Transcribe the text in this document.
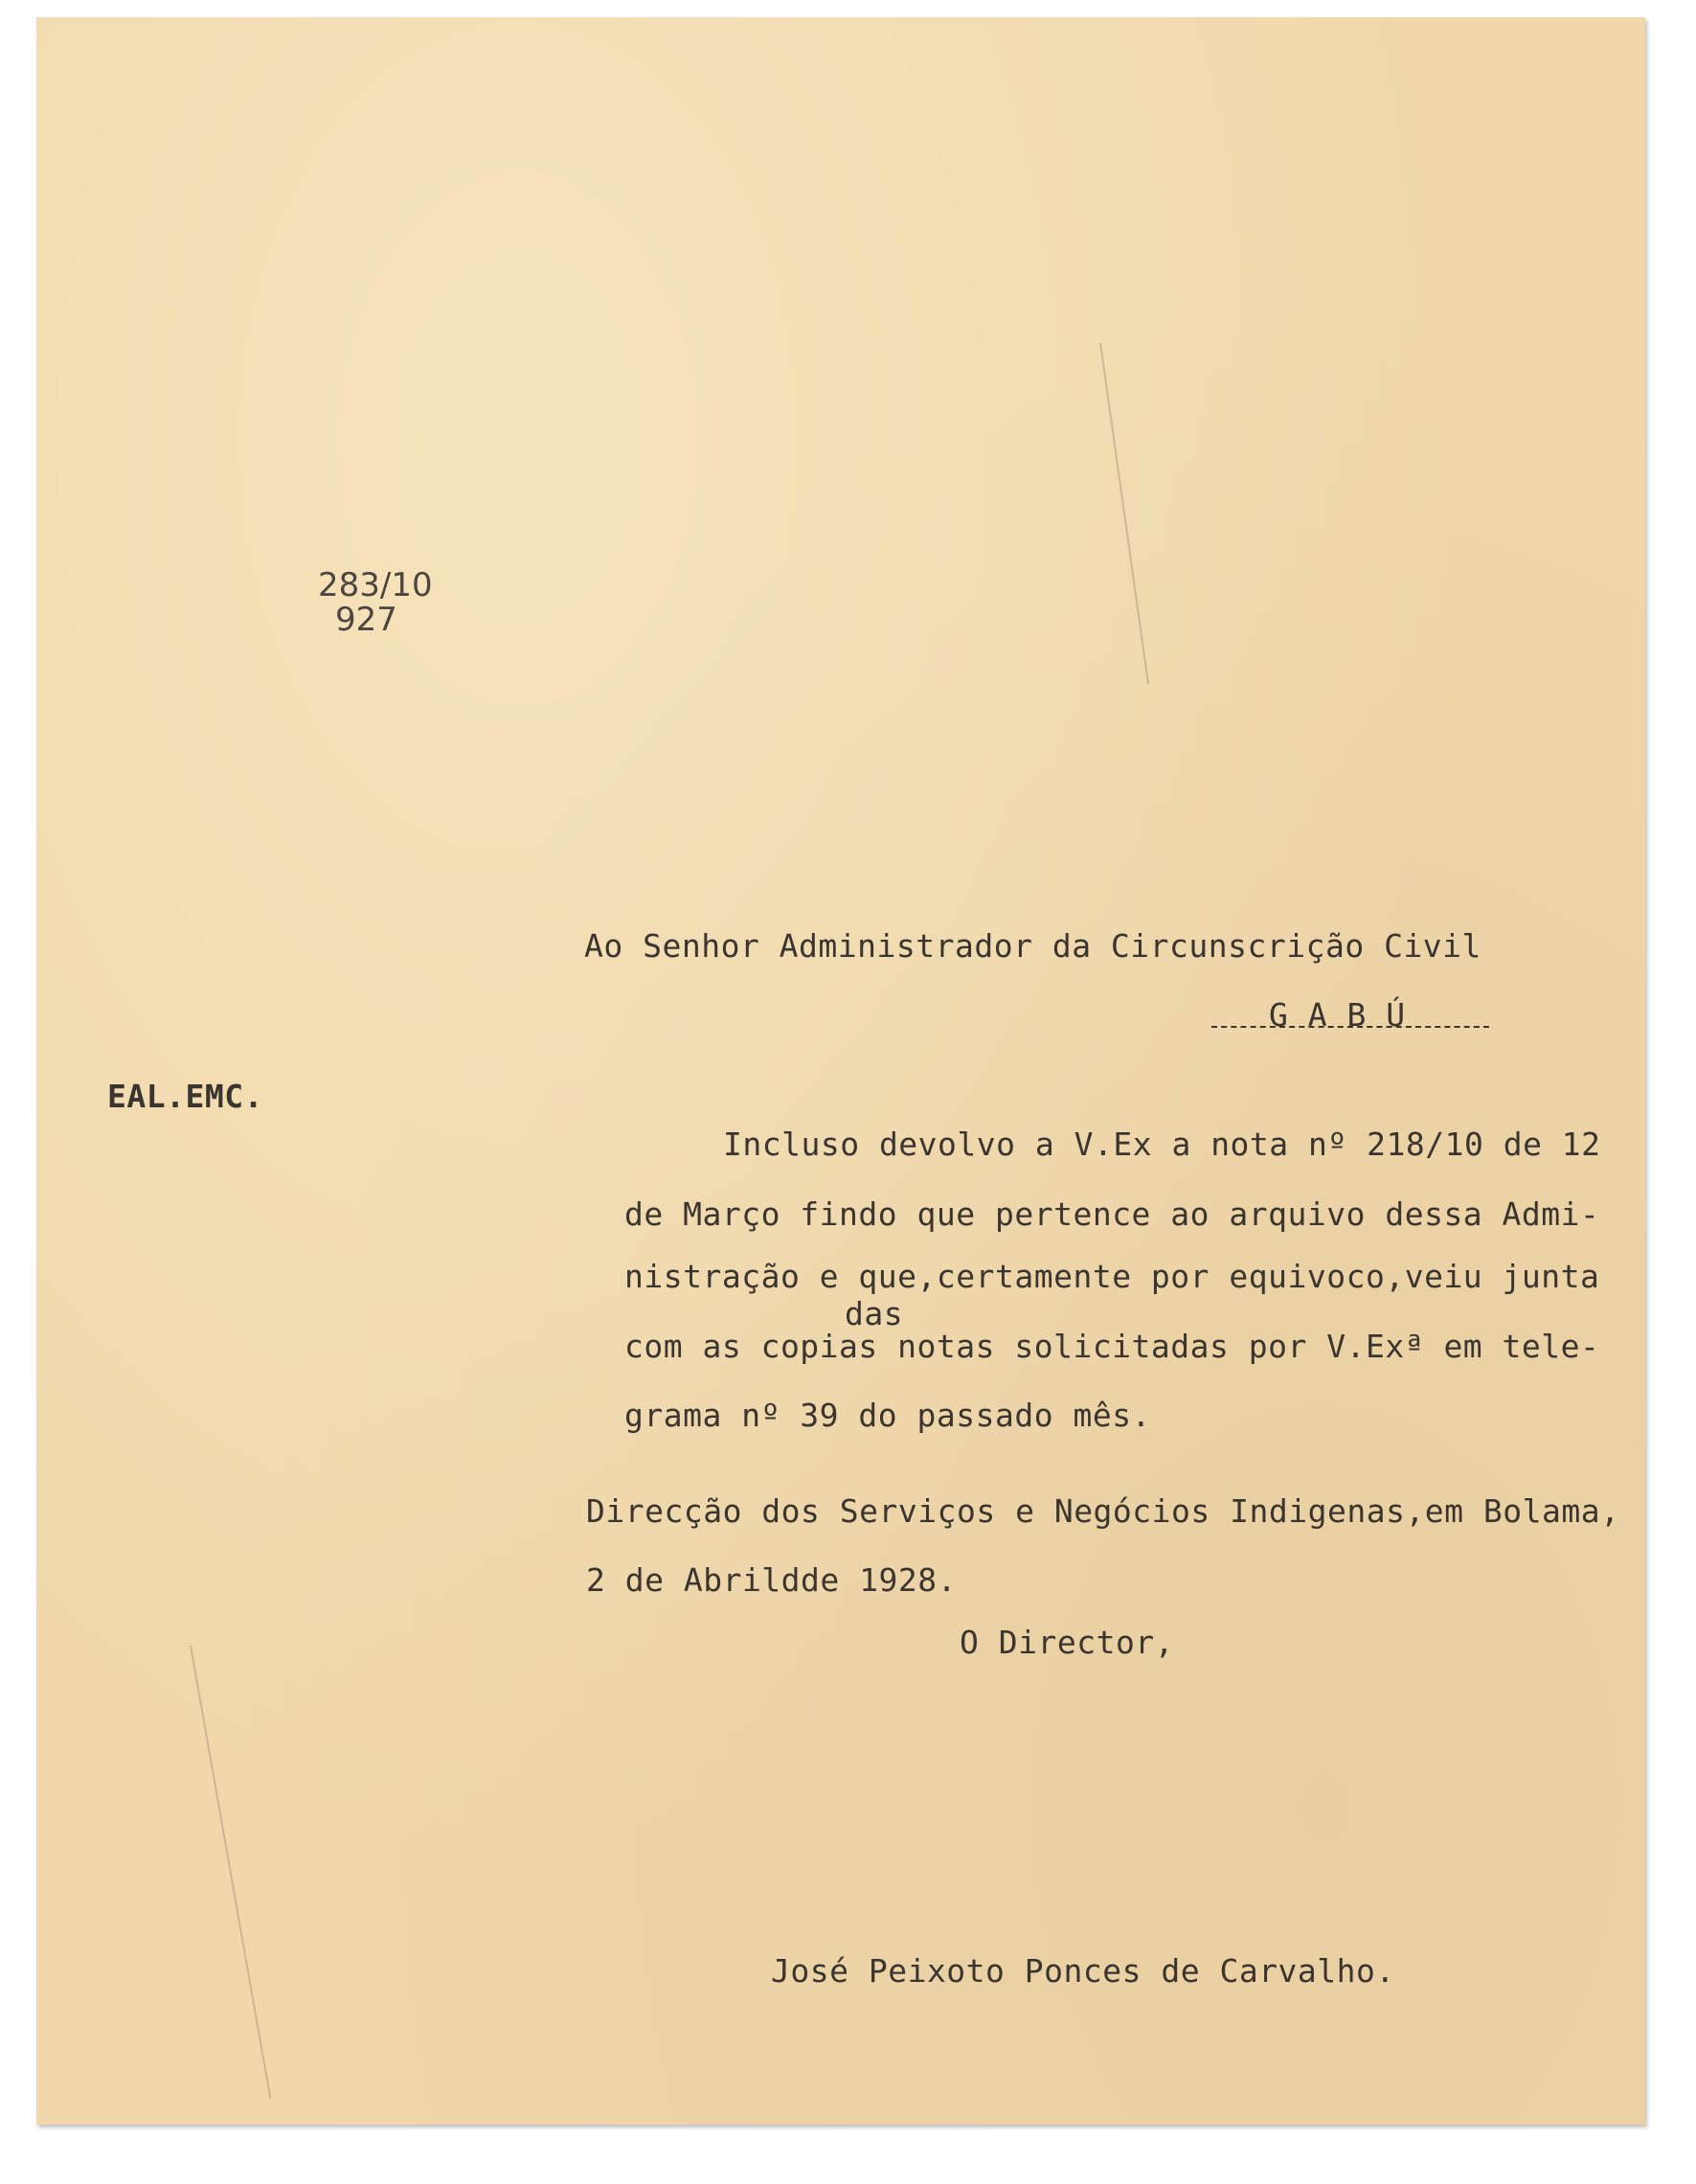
283/10
927
EAL.EMC.
Ao Senhor Administrador da Circunscrição Civil
G A B Ú
Incluso devolvo a V.Ex a nota nº 218/10 de 12
de Março findo que pertence ao arquivo dessa Admi-
nistração e que,certamente por equivoco,veiu junta
das
com as copias notas solicitadas por V.Exª em tele-
grama nº 39 do passado mês.
Direcção dos Serviços e Negócios Indigenas,em Bolama,
2 de Abrildde 1928.
O Director,
José Peixoto Ponces de Carvalho.
